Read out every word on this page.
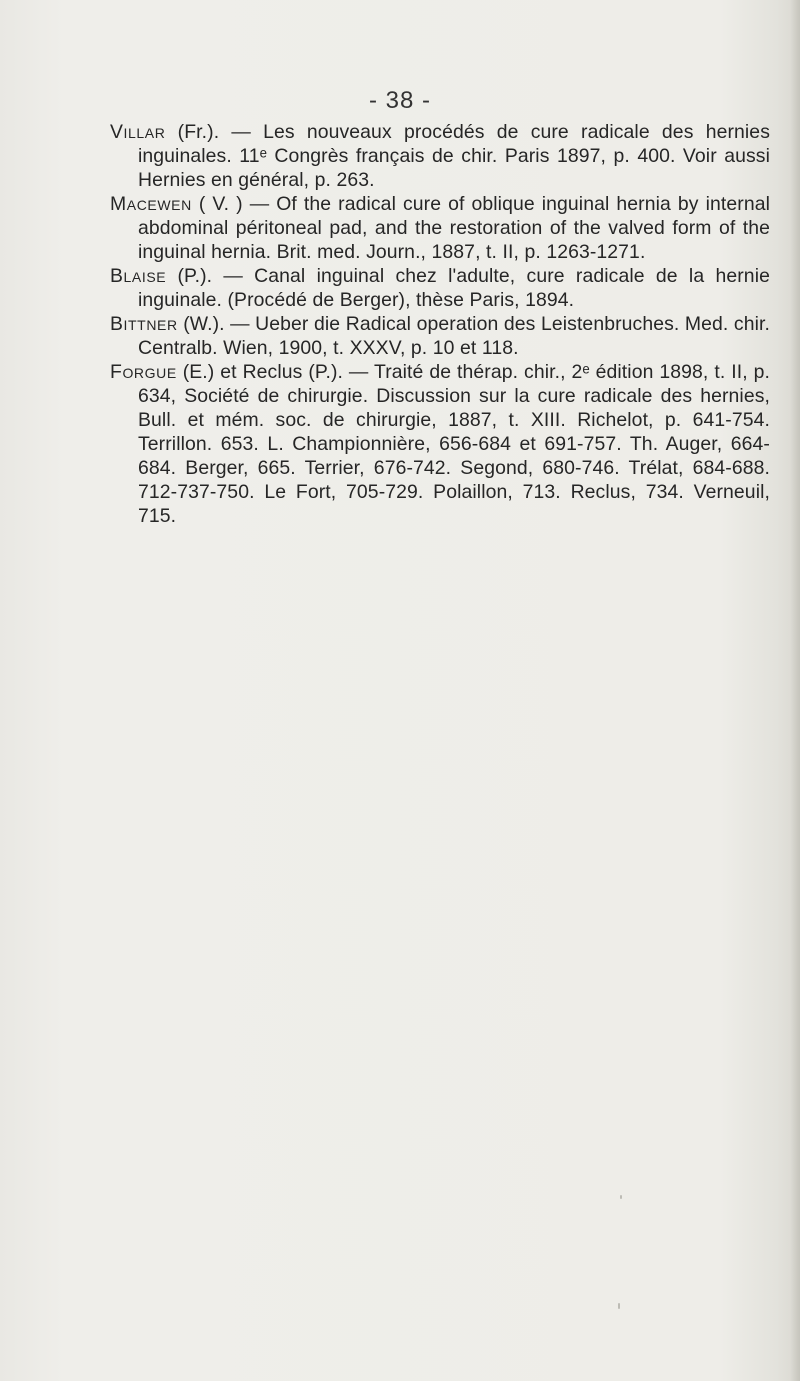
- 38 -

Villar (Fr.). — Les nouveaux procédés de cure radicale des hernies inguinales. 11ᵉ Congrès français de chir. Paris 1897, p. 400. Voir aussi Hernies en général, p. 263.

Macewen ( V. ) — Of the radical cure of oblique inguinal hernia by internal abdominal péritoneal pad, and the restoration of the valved form of the inguinal hernia. Brit. med. Journ., 1887, t. II, p. 1263-1271.

Blaise (P.). — Canal inguinal chez l'adulte, cure radicale de la hernie inguinale. (Procédé de Berger), thèse Paris, 1894.

Bittner (W.). — Ueber die Radical operation des Leistenbruches. Med. chir. Centralb. Wien, 1900, t. XXXV, p. 10 et 118.

Forgue (E.) et Reclus (P.). — Traité de thérap. chir., 2ᵉ édition 1898, t. II, p. 634, Société de chirurgie. Discussion sur la cure radicale des hernies, Bull. et mém. soc. de chirurgie, 1887, t. XIII. Richelot, p. 641-754. Terrillon. 653. L. Championnière, 656-684 et 691-757. Th. Auger, 664-684. Berger, 665. Terrier, 676-742. Segond, 680-746. Trélat, 684-688. 712-737-750. Le Fort, 705-729. Polaillon, 713. Reclus, 734. Verneuil, 715.
